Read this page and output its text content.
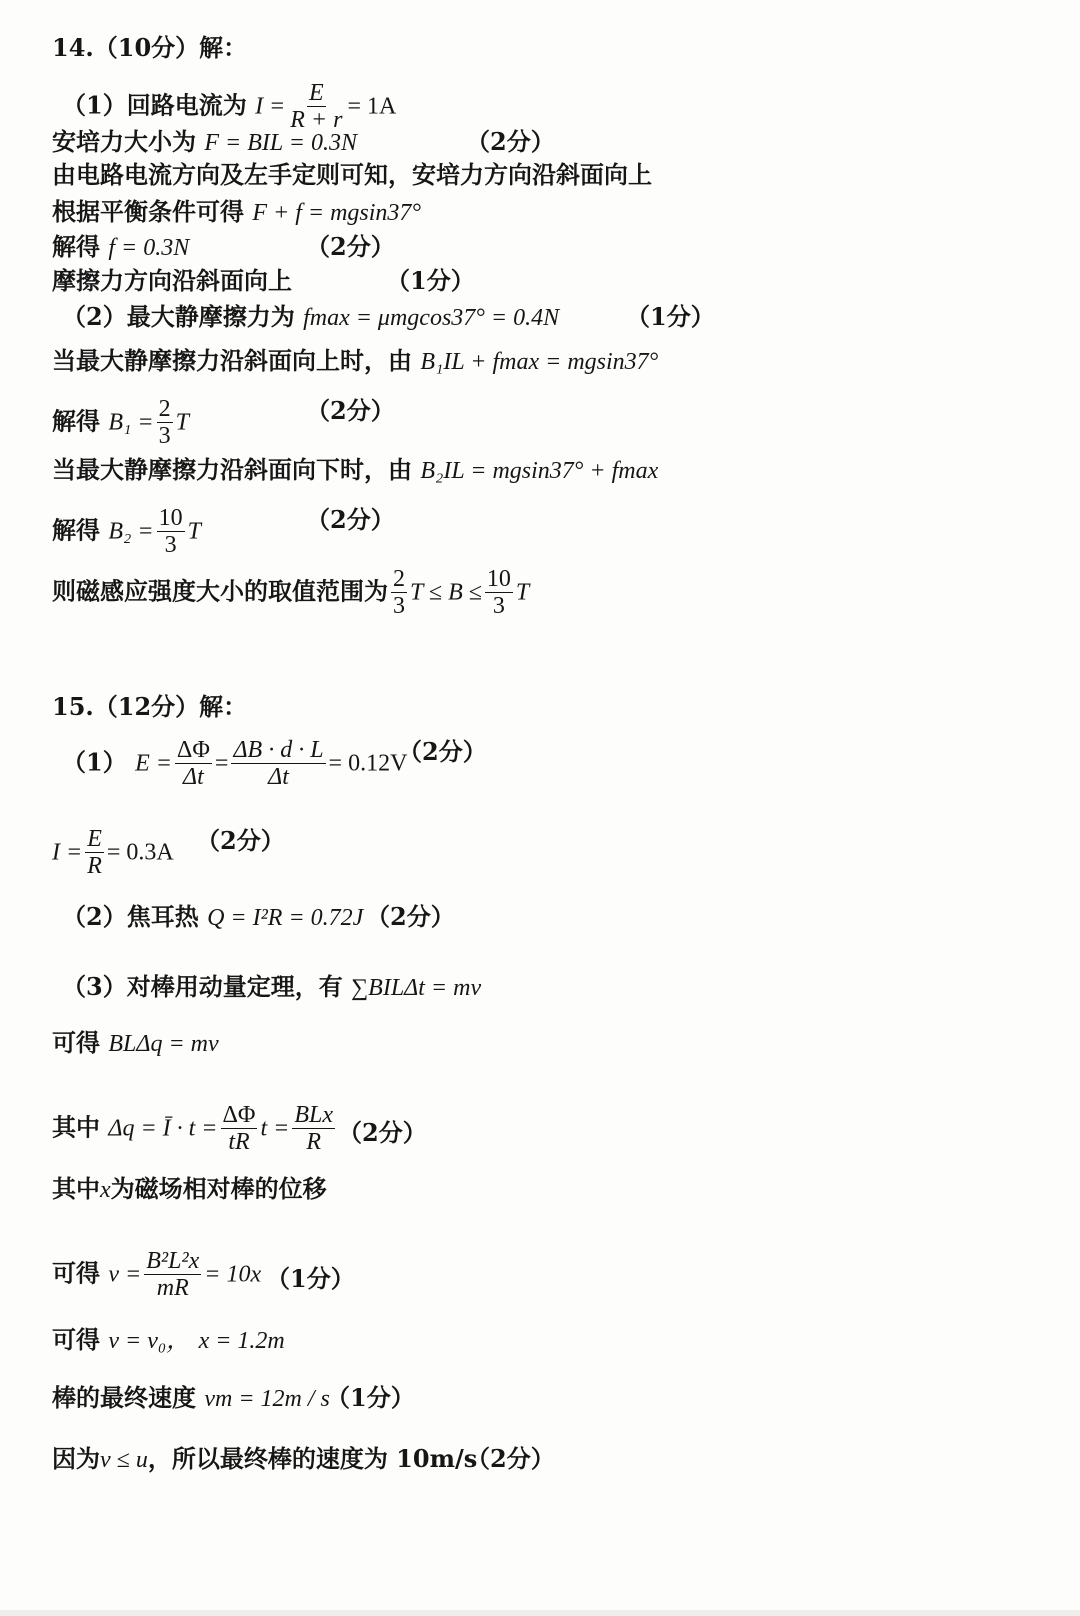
14.（10分）解：
（1）回路电流为 $I = \frac{E}{R + r} = 1A$
安培力大小为 F = BIL = 0.3N	（2分）
由电路电流方向及左手定则可知，安培力方向沿斜面向上
根据平衡条件可得 F + f = mgsin37°
解得 f = 0.3N	（2分）
摩擦力方向沿斜面向上	（1分）
（2）最大静摩擦力为 fmax = μmgcos37° = 0.4N	（1分）
当最大静摩擦力沿斜面向上时，由 B₁IL + fmax = mgsin37°
解得 $B_1 = \frac{2}{3}$ T	（2分）
当最大静摩擦力沿斜面向下时，由 B₂IL = mgsin37° + fmax
解得 $B_2 = \frac{10}{3}$ T	（2分）
则磁感应强度大小的取值范围为 $\frac{2}{3}$ $T \le B \le \frac{10}{3}$ T
15.（12分）解：
（1） $E = \frac{\Delta\Phi}{\Delta t} = \frac{\Delta B \cdot d \cdot L}{\Delta t} = 0.12V$
（2分）
$I = \frac{E}{R} = 0.3A$ （2分）
（2）焦耳热 Q = I²R = 0.72J （2分）
（3）对棒用动量定理，有 ∑BILΔt = mv
可得 BLΔq = mv
其中 Δq = Ī · $t = \frac{\Delta\Phi}{tR}$ $t = \frac{\text{BLx}}{R} (2$分）
其中x为磁场相对棒的位移
可得 $v = \frac{\text{B²L²x}}{mR} = 10x$ （1分）
可得 v = v₀， x = 1.2m
棒的最终速度 vm = 12m / s
（1分）
因为v ≤ u，所以最终棒的速度为 10m/s
（2分）
